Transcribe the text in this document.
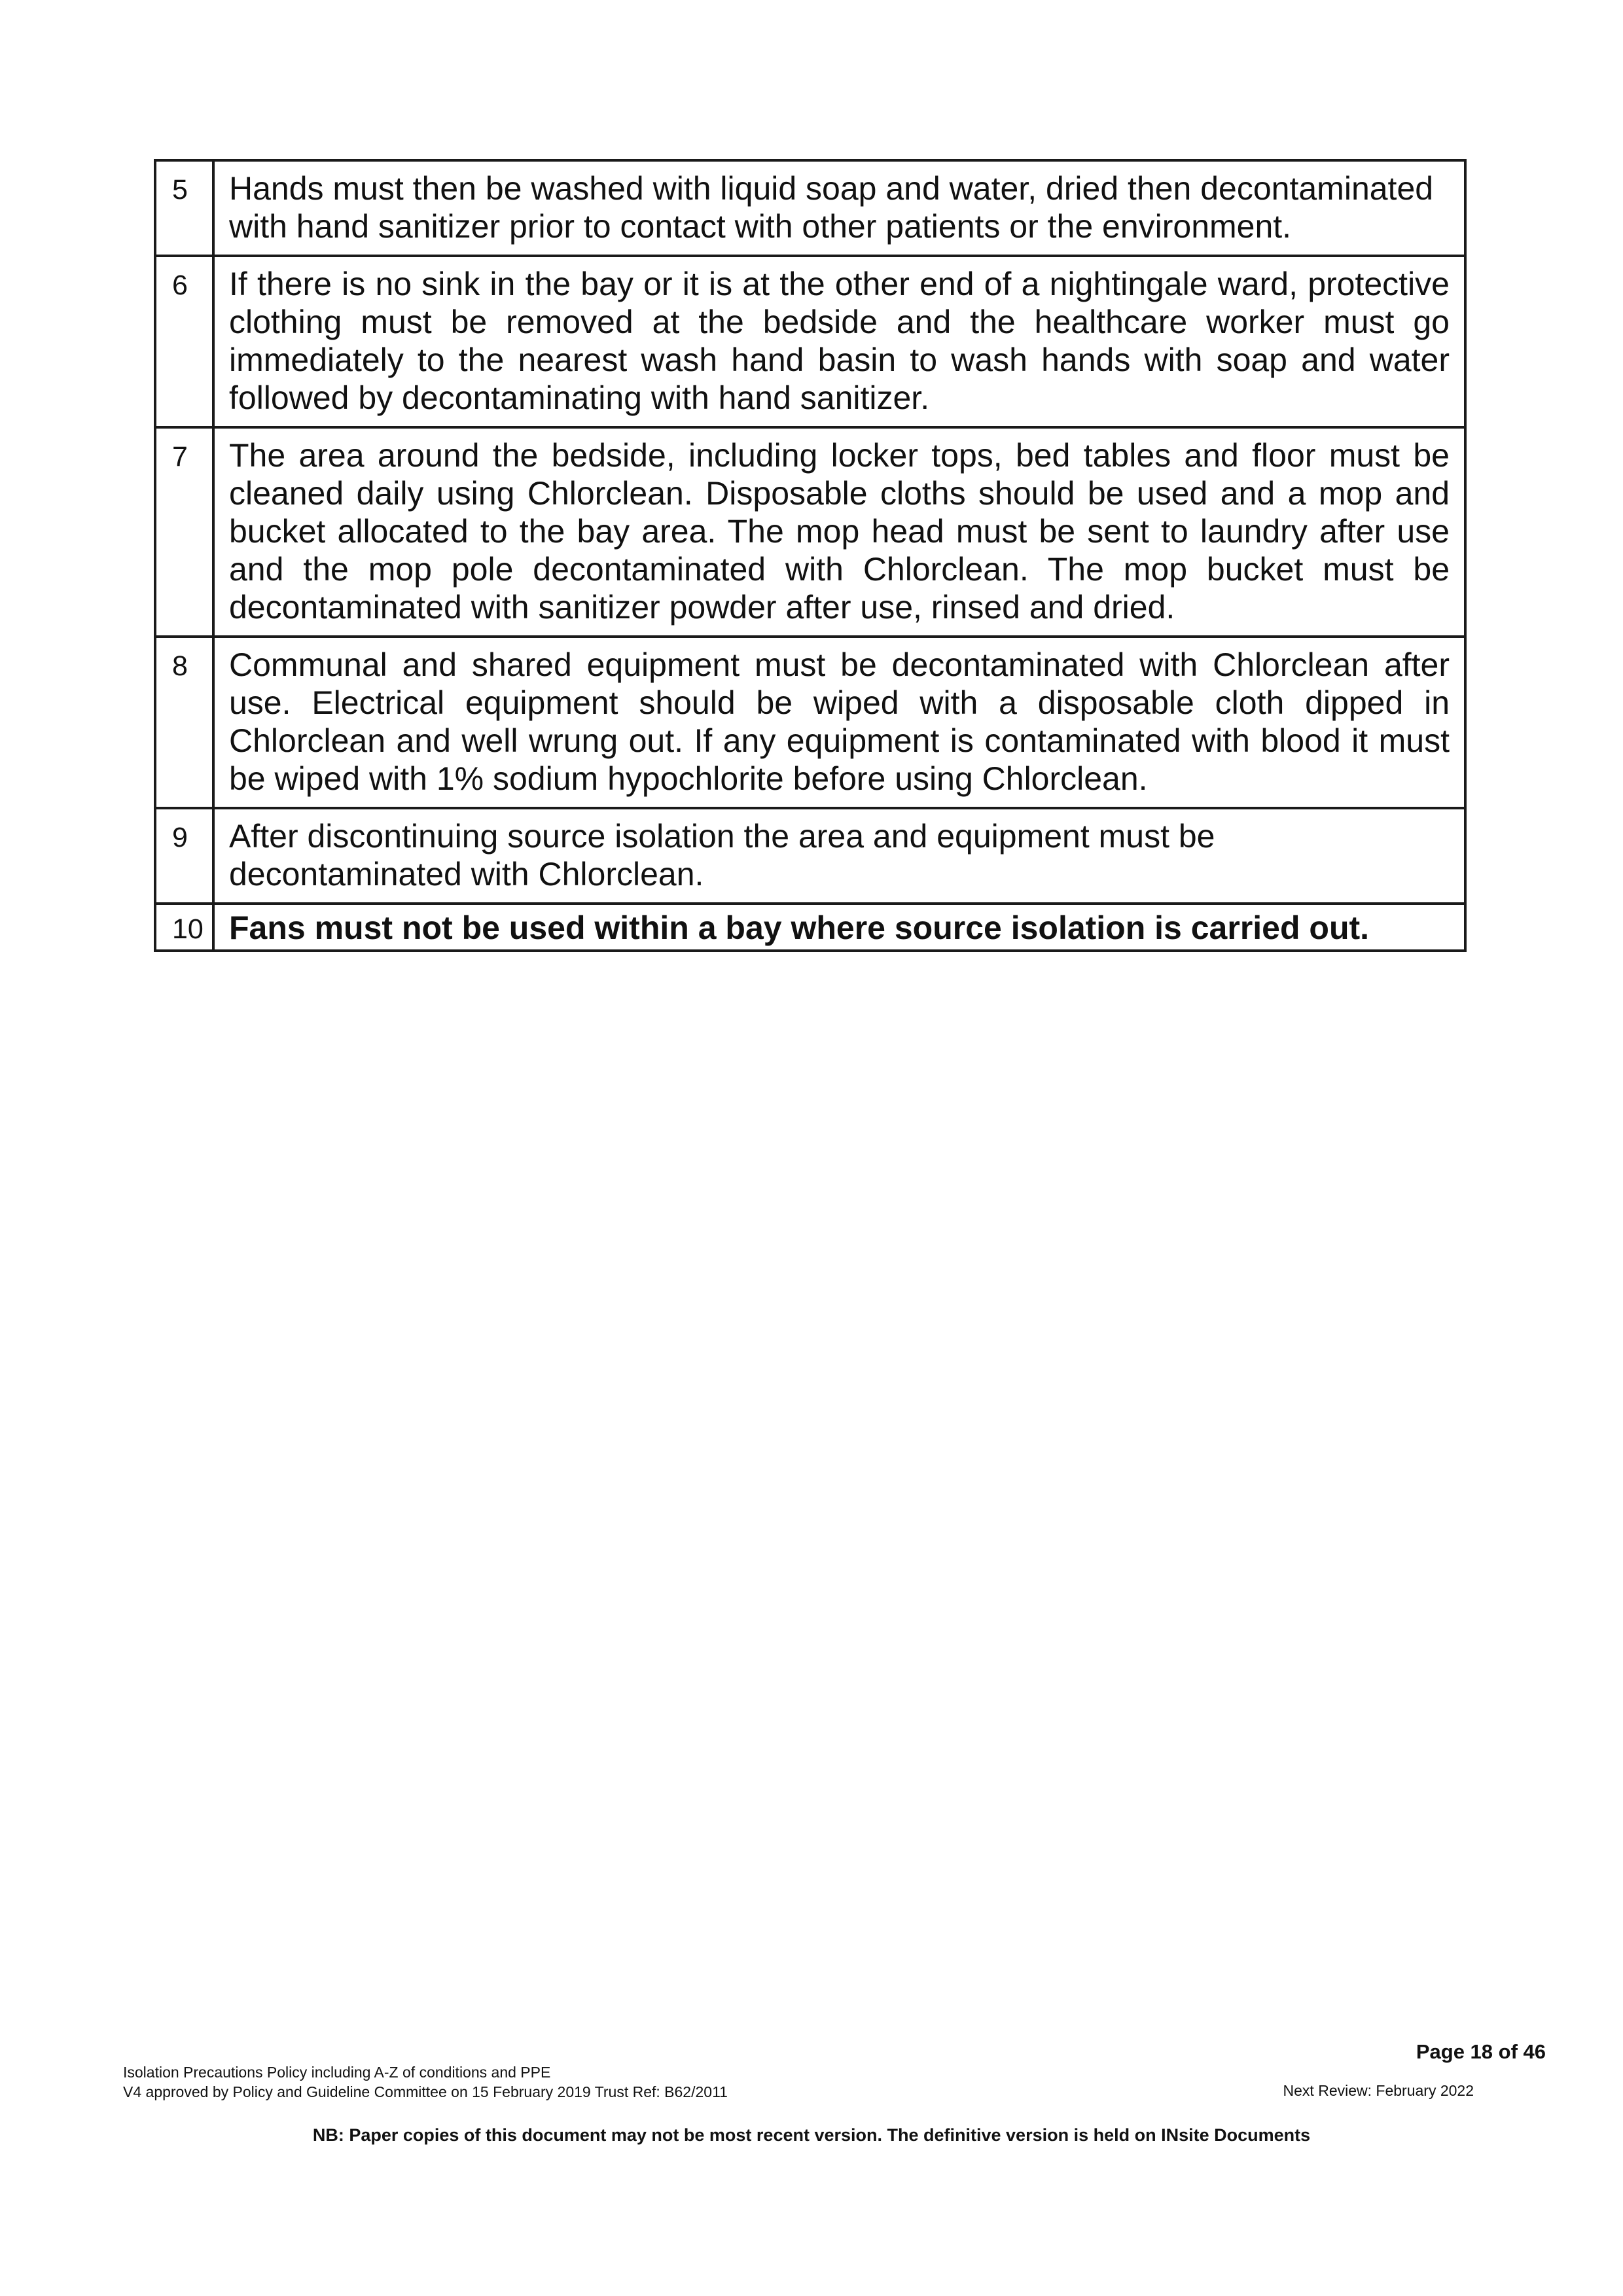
5	Hands must then be washed with liquid soap and water, dried then decontaminated with hand sanitizer prior to contact with other patients or the environment.
6	If there is no sink in the bay or it is at the other end of a nightingale ward, protective clothing must be removed at the bedside and the healthcare worker must go immediately to the nearest wash hand basin to wash hands with soap and water followed by decontaminating with hand sanitizer.
7	The area around the bedside, including locker tops, bed tables and floor must be cleaned daily using Chlorclean. Disposable cloths should be used and a mop and bucket allocated to the bay area. The mop head must be sent to laundry after use and the mop pole decontaminated with Chlorclean. The mop bucket must be decontaminated with sanitizer powder after use, rinsed and dried.
8	Communal and shared equipment must be decontaminated with Chlorclean after use. Electrical equipment should be wiped with a disposable cloth dipped in Chlorclean and well wrung out. If any equipment is contaminated with blood it must be wiped with 1% sodium hypochlorite before using Chlorclean.
9	After discontinuing source isolation the area and equipment must be decontaminated with Chlorclean.
10	Fans must not be used within a bay where source isolation is carried out.
Page 18 of 46
Isolation Precautions Policy including A-Z of conditions and PPE
V4 approved by Policy and Guideline Committee on 15 February 2019 Trust Ref: B62/2011	Next Review: February 2022
NB: Paper copies of this document may not be most recent version. The definitive version is held on INsite Documents
